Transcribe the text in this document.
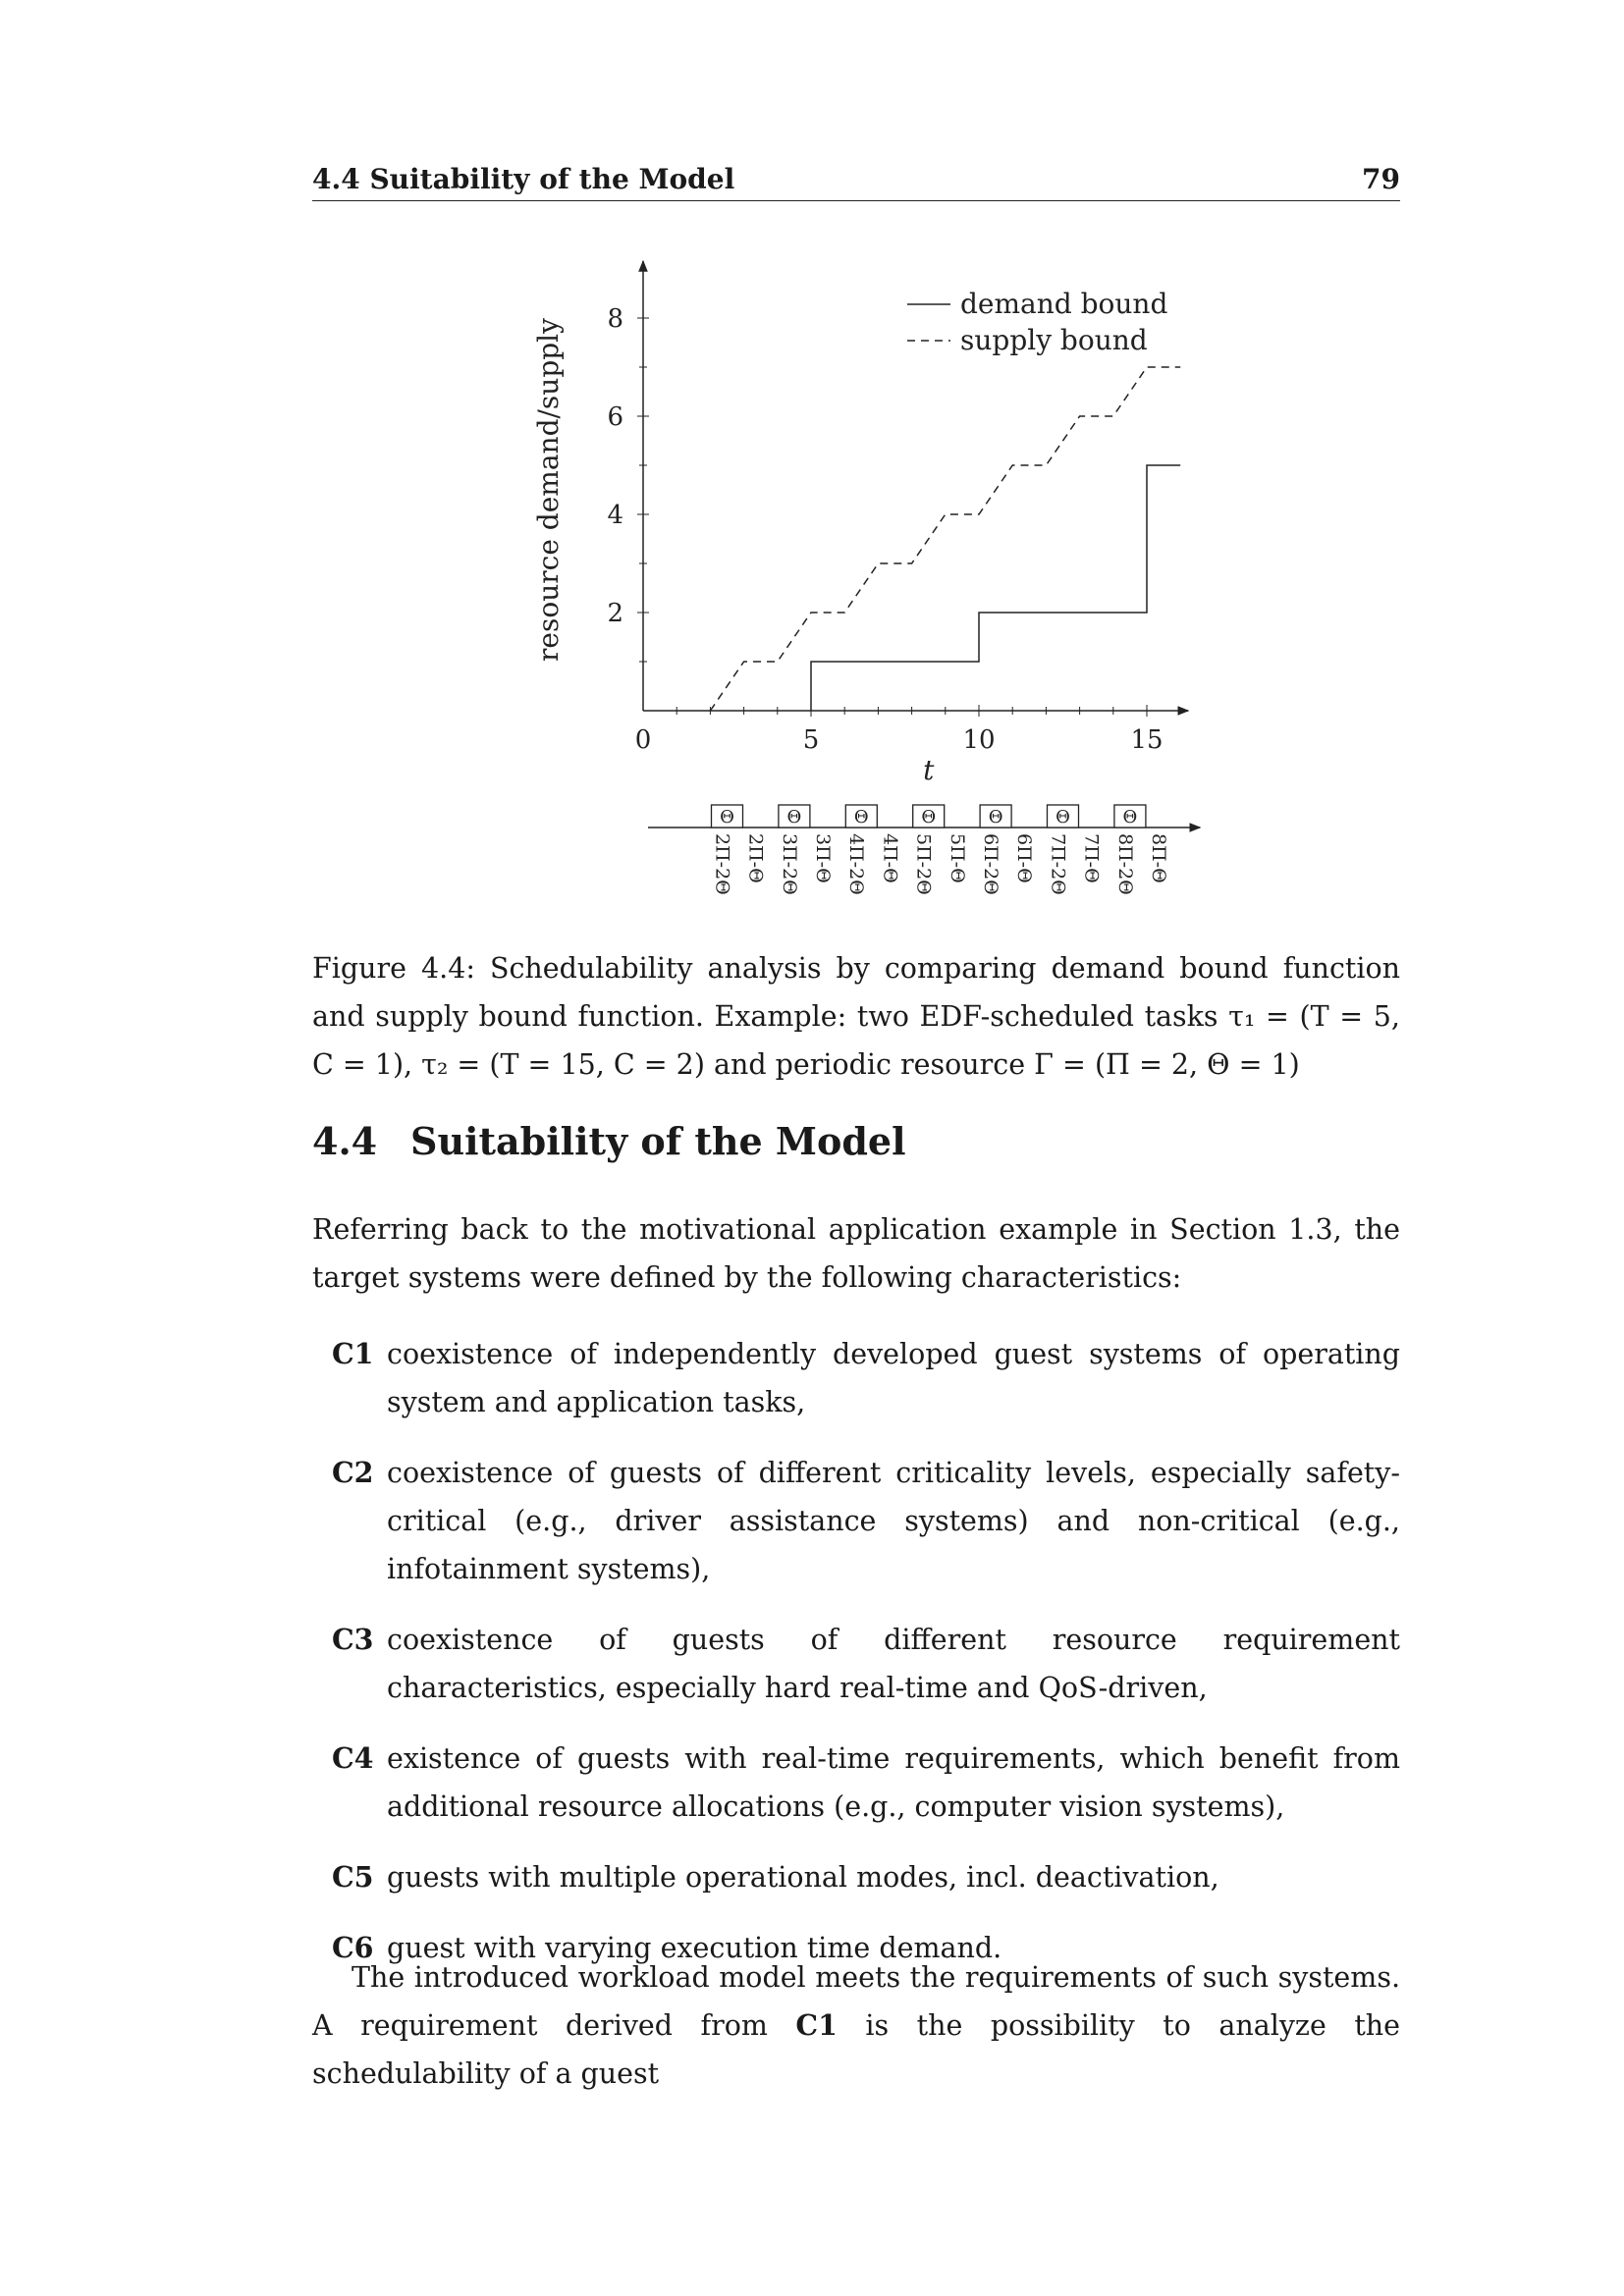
4.4 Suitability of the Model	79
0	5	10	15
2
4
6
8
t
resource demand/supply
demand bound
supply bound
Θ	Θ	Θ	Θ	Θ	Θ	Θ
2Π-2Θ 2Π-Θ 3Π-2Θ 3Π-Θ 4Π-2Θ 4Π-Θ 5Π-2Θ 5Π-Θ 6Π-2Θ 6Π-Θ 7Π-2Θ 7Π-Θ 8Π-2Θ 8Π-Θ
Figure 4.4: Schedulability analysis by comparing demand bound function and supply bound function. Example: two EDF-scheduled tasks τ₁ = (T = 5, C = 1), τ₂ = (T = 15, C = 2) and periodic resource Γ = (Π = 2, Θ = 1)
4.4 Suitability of the Model
Referring back to the motivational application example in Section 1.3, the target systems were defined by the following characteristics:
C1 coexistence of independently developed guest systems of operating system and application tasks,
C2 coexistence of guests of different criticality levels, especially safety-critical (e.g., driver assistance systems) and non-critical (e.g., infotainment systems),
C3 coexistence of guests of different resource requirement characteristics, especially hard real-time and QoS-driven,
C4 existence of guests with real-time requirements, which benefit from additional resource allocations (e.g., computer vision systems),
C5 guests with multiple operational modes, incl. deactivation,
C6 guest with varying execution time demand.
The introduced workload model meets the requirements of such systems. A requirement derived from C1 is the possibility to analyze the schedulability of a guest
